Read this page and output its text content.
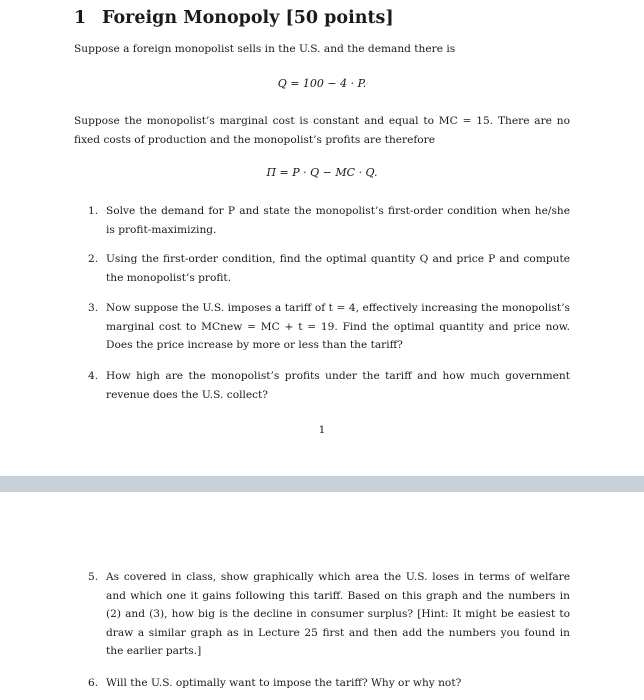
1 Foreign Monopoly [50 points]
Suppose a foreign monopolist sells in the U.S. and the demand there is
Q = 100 − 4 · P.
Suppose the monopolist’s marginal cost is constant and equal to MC = 15. There are no fixed costs of production and the monopolist’s profits are therefore
Π = P · Q − MC · Q.
1. Solve the demand for P and state the monopolist’s first-order condition when he/she is profit-maximizing.
2. Using the first-order condition, find the optimal quantity Q and price P and compute the monopolist’s profit.
3. Now suppose the U.S. imposes a tariff of t = 4, effectively increasing the monopolist’s marginal cost to MCnew = MC + t = 19. Find the optimal quantity and price now. Does the price increase by more or less than the tariff?
4. How high are the monopolist’s profits under the tariff and how much government revenue does the U.S. collect?
1
5. As covered in class, show graphically which area the U.S. loses in terms of welfare and which one it gains following this tariff. Based on this graph and the numbers in (2) and (3), how big is the decline in consumer surplus? [Hint: It might be easiest to draw a similar graph as in Lecture 25 first and then add the numbers you found in the earlier parts.]
6. Will the U.S. optimally want to impose the tariff? Why or why not?
